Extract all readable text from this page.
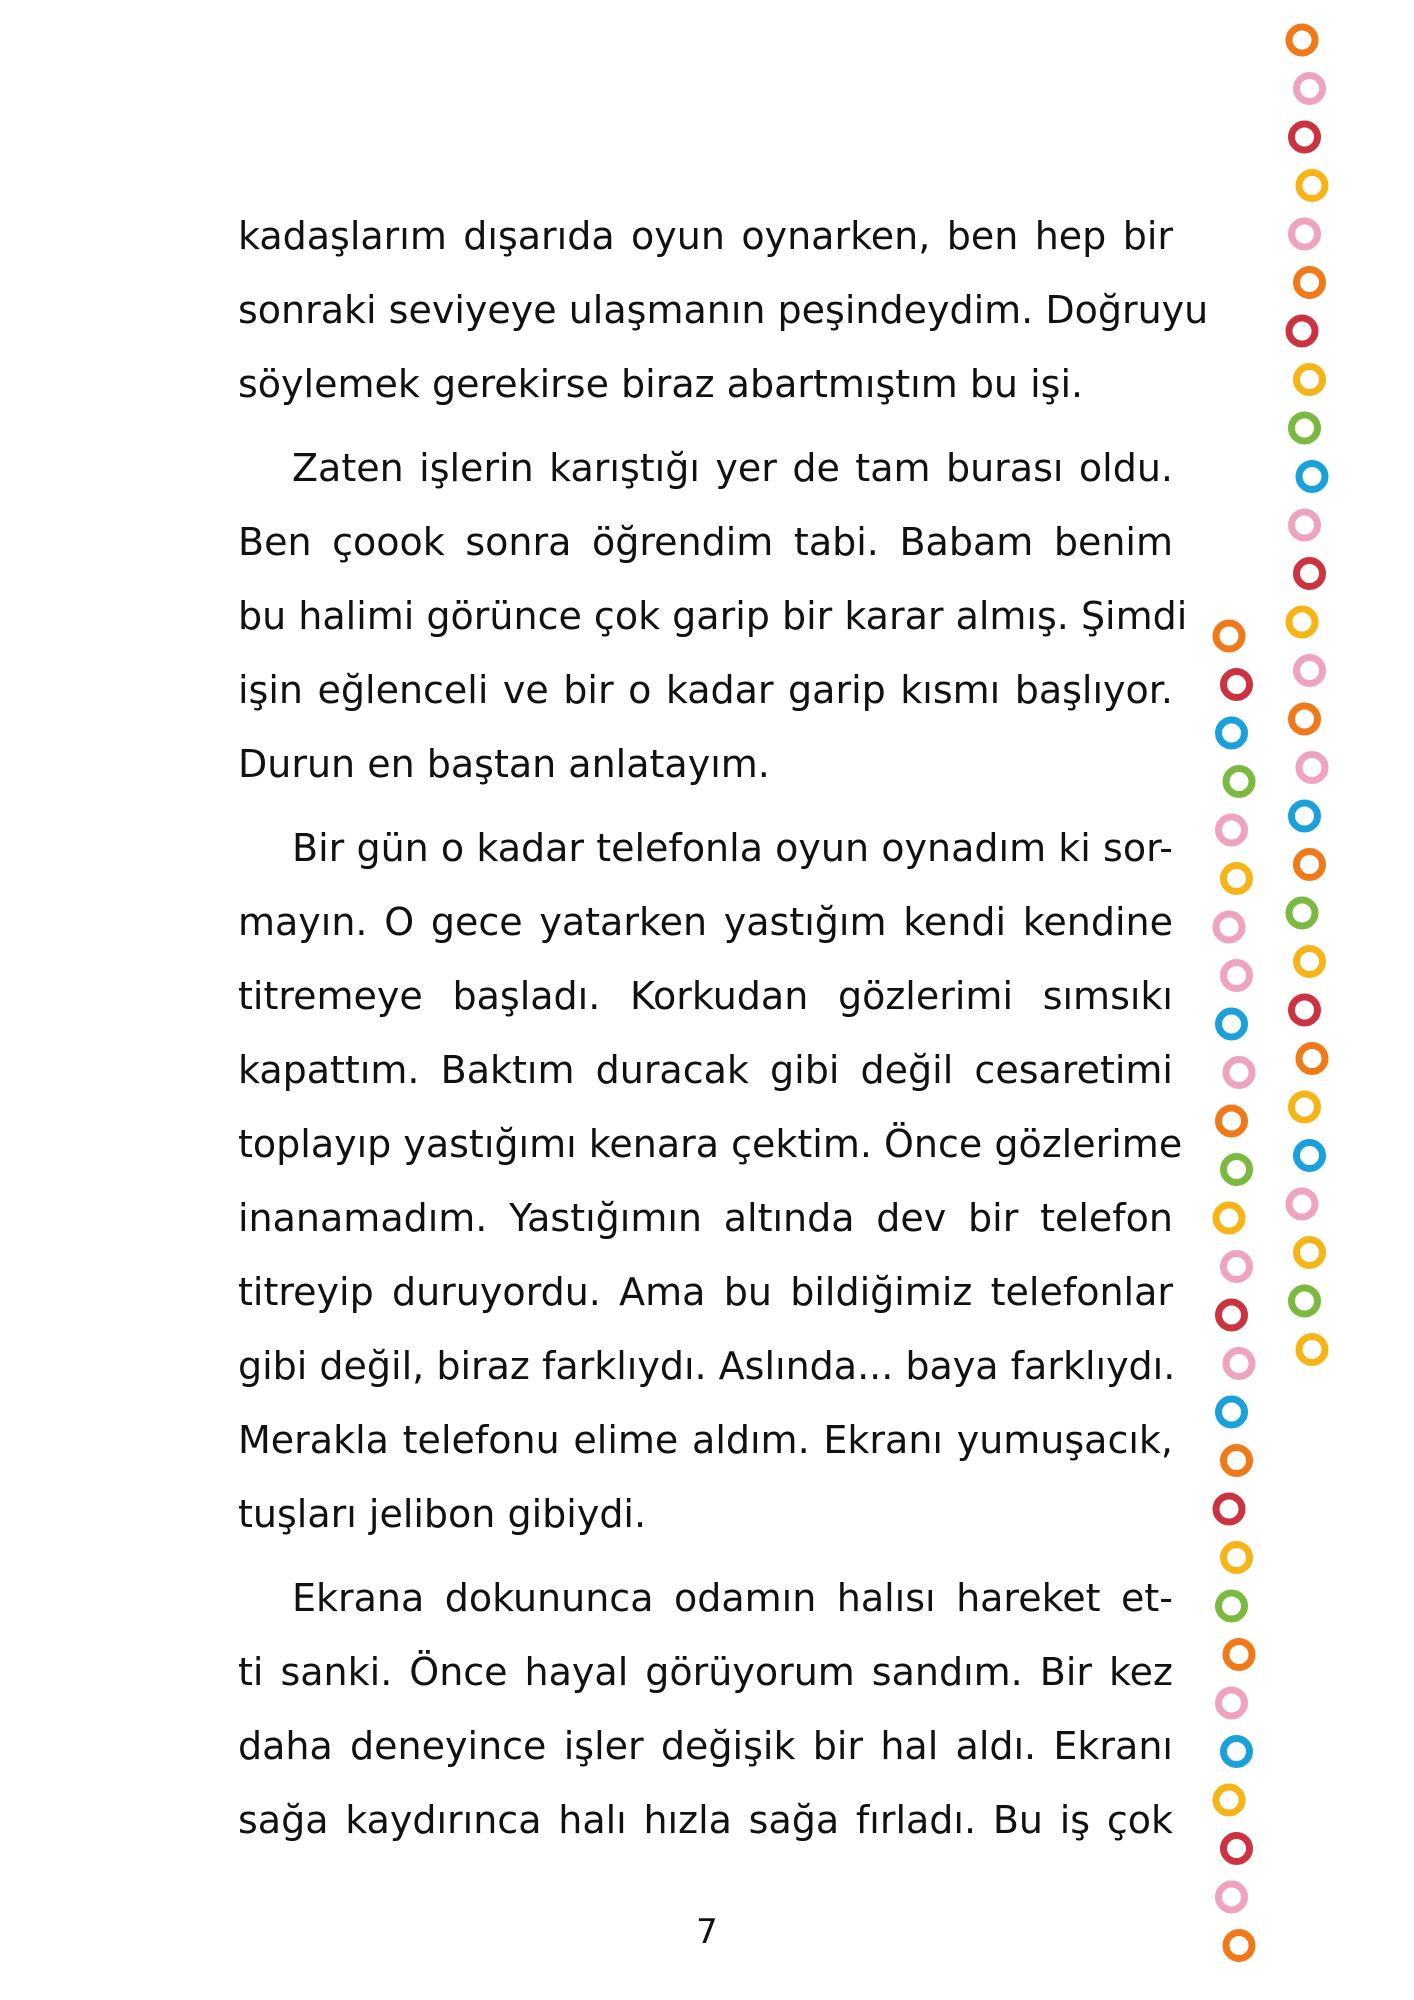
kadaşlarım dışarıda oyun oynarken, ben hep bir
sonraki seviyeye ulaşmanın peşindeydim. Doğruyu
söylemek gerekirse biraz abartmıştım bu işi.
Zaten işlerin karıştığı yer de tam burası oldu.
Ben çoook sonra öğrendim tabi. Babam benim
bu halimi görünce çok garip bir karar almış. Şimdi
işin eğlenceli ve bir o kadar garip kısmı başlıyor.
Durun en baştan anlatayım.
Bir gün o kadar telefonla oyun oynadım ki sor-
mayın. O gece yatarken yastığım kendi kendine
titremeye başladı. Korkudan gözlerimi sımsıkı
kapattım. Baktım duracak gibi değil cesaretimi
toplayıp yastığımı kenara çektim. Önce gözlerime
inanamadım. Yastığımın altında dev bir telefon
titreyip duruyordu. Ama bu bildiğimiz telefonlar
gibi değil, biraz farklıydı. Aslında... baya farklıydı.
Merakla telefonu elime aldım. Ekranı yumuşacık,
tuşları jelibon gibiydi.
Ekrana dokununca odamın halısı hareket et-
ti sanki. Önce hayal görüyorum sandım. Bir kez
daha deneyince işler değişik bir hal aldı. Ekranı
sağa kaydırınca halı hızla sağa fırladı. Bu iş çok
7
